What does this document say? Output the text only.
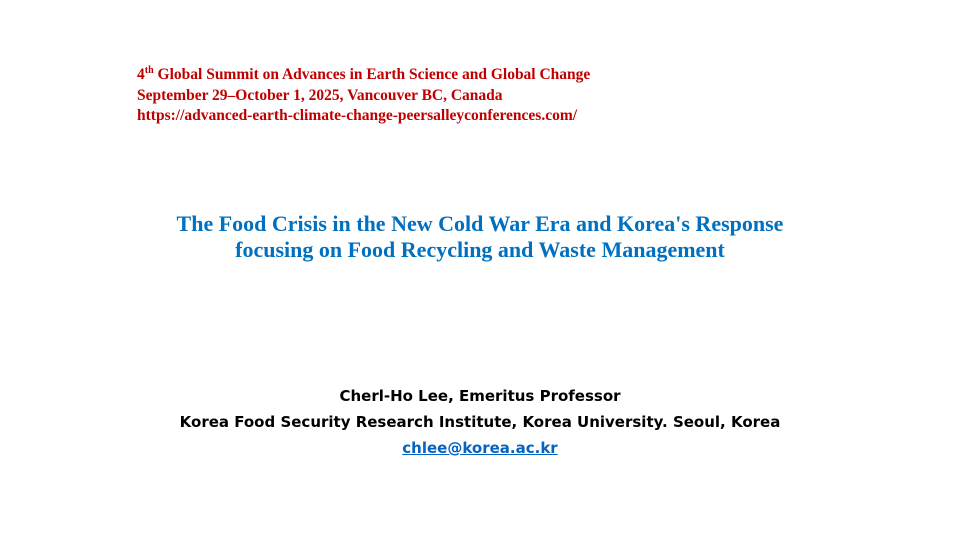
4th Global Summit on Advances in Earth Science and Global Change
September 29–October 1, 2025, Vancouver BC, Canada
https://advanced-earth-climate-change-peersalleyconferences.com/
The Food Crisis in the New Cold War Era and Korea's Response
focusing on Food Recycling and Waste Management
Cherl-Ho Lee, Emeritus Professor
Korea Food Security Research Institute, Korea University. Seoul, Korea
chlee@korea.ac.kr
